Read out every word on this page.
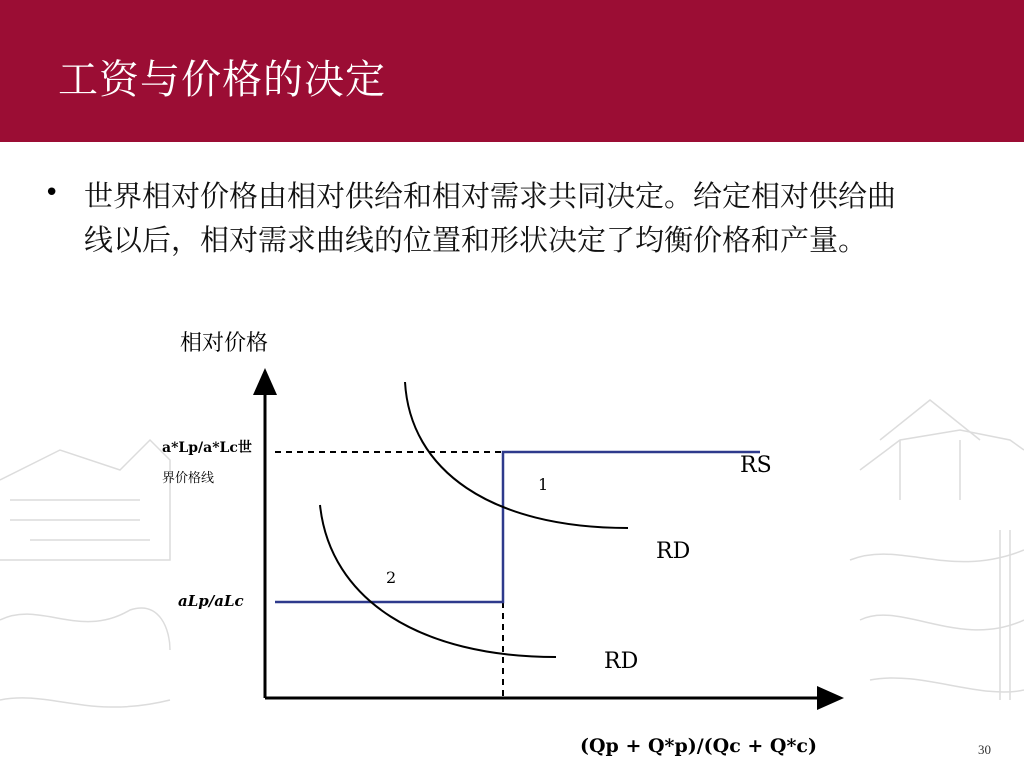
工资与价格的决定
• 世界相对价格由相对供给和相对需求共同决定。给定相对供给曲线以后，相对需求曲线的位置和形状决定了均衡价格和产量。
相对价格
a*Lp/a*Lc世
界价格线
aLp/aLc
RS
RD
RD
1
2
(Qp + Q*p)/(Qc + Q*c)	30
